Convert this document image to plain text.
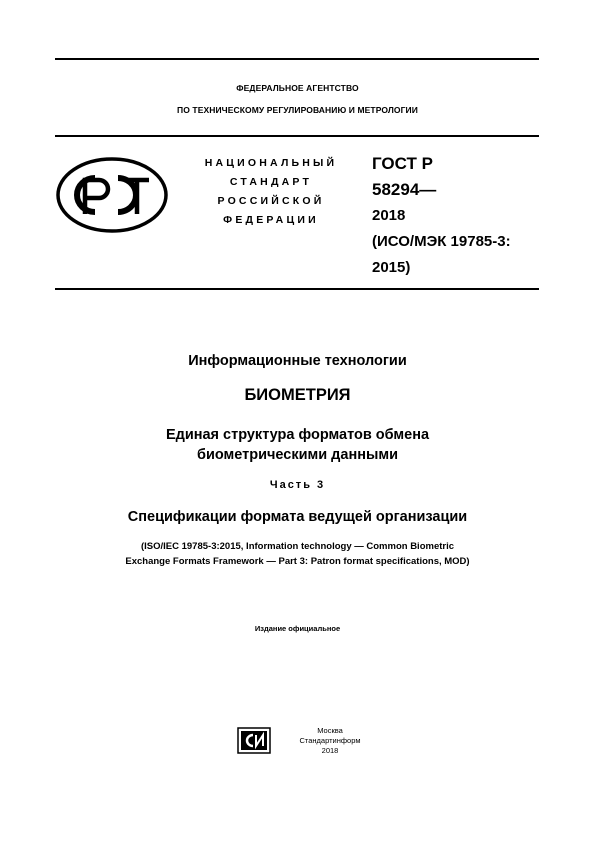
ФЕДЕРАЛЬНОЕ АГЕНТСТВО
ПО ТЕХНИЧЕСКОМУ РЕГУЛИРОВАНИЮ И МЕТРОЛОГИИ
НАЦИОНАЛЬНЫЙ
СТАНДАРТ
РОССИЙСКОЙ
ФЕДЕРАЦИИ
ГОСТ Р
58294—
2018
(ИСО/МЭК 19785-3:
2015)
Информационные технологии
БИОМЕТРИЯ
Единая структура форматов обмена
биометрическими данными
Часть 3
Спецификации формата ведущей организации
(ISO/IEC 19785-3:2015, Information technology — Common Biometric
Exchange Formats Framework — Part 3: Patron format specifications, MOD)
Издание официальное
Москва
Стандартинформ
2018
